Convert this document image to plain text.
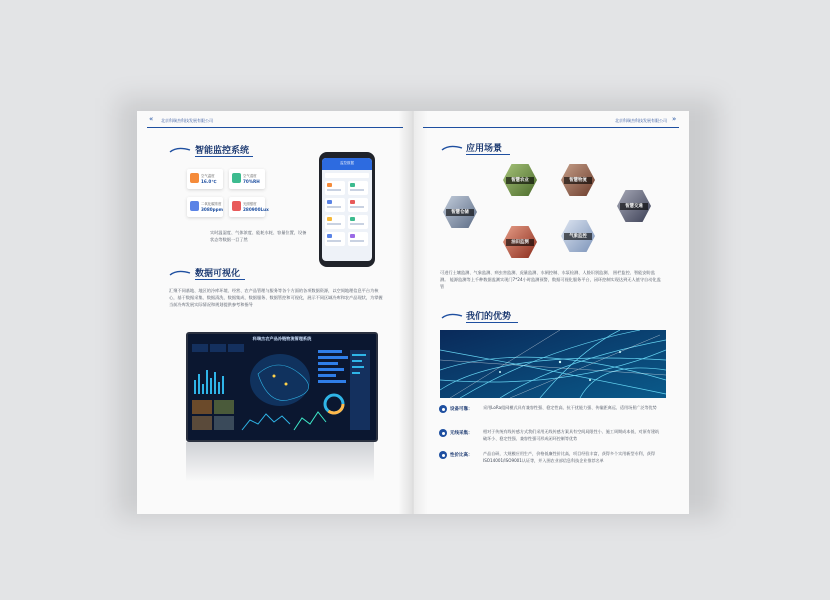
«	北京科瑞杰科技发展有限公司
智能监控系统
空气温度
16.0℃
空气湿度
70%RH
二氧化碳浓度
3080ppm
光照强度
280900Lux
实时温湿度、气体浓度、能耗水耗、容量位置，设备状态等数据一目了然
监控数据
数据可视化
汇聚不同基地、地区的冷库环境、经营、农产品管理与服务等各个方面的各项数据资源，以空间地理信息平台为核心，基于数据采集、数据清洗、数据集成、数据服务、数据管控和可视化，展示不同区域冷库和农产品现状，为掌握当前冷库发展实际情况和规划提供参考和指导
科瑞杰农产品冷链物流管理系统
北京科瑞杰科技发展有限公司 »
应用场景
智慧农业	智慧物流
智慧仓储
智慧交通
油田监测
气象监控
可进行土壤监测、气象监测、病虫害监测、虎量监测、水闸控制、水泵检测、人脸识别监测、 围栏监控、智能安防监测。 能源监测等上千种数据监测实现门7*24小时监测预警，数据可视化服务平台，闭环控制实现达到无人值守自动化监管
我们的优势
设备可靠：	采用LoRa组网模式具有兼容性强、稳定性高、抗干扰能力强、传输距离远、适用场景广泛等优势
无线采集：	相对于传统有线传感方式我们采用无线传感方案具有空间局限性小、施工周期成本低、对原有建筑破坏小、稳定性强、兼容性强可形成闭环控制等优势
性价比高：	产品自研，大规模应用生产，价格低廉性价比高，项目经验丰富，获得多个实用新型专利，获得ISO14001/ISO9001认证等，并入围农业部信息科技企业推荐名单
